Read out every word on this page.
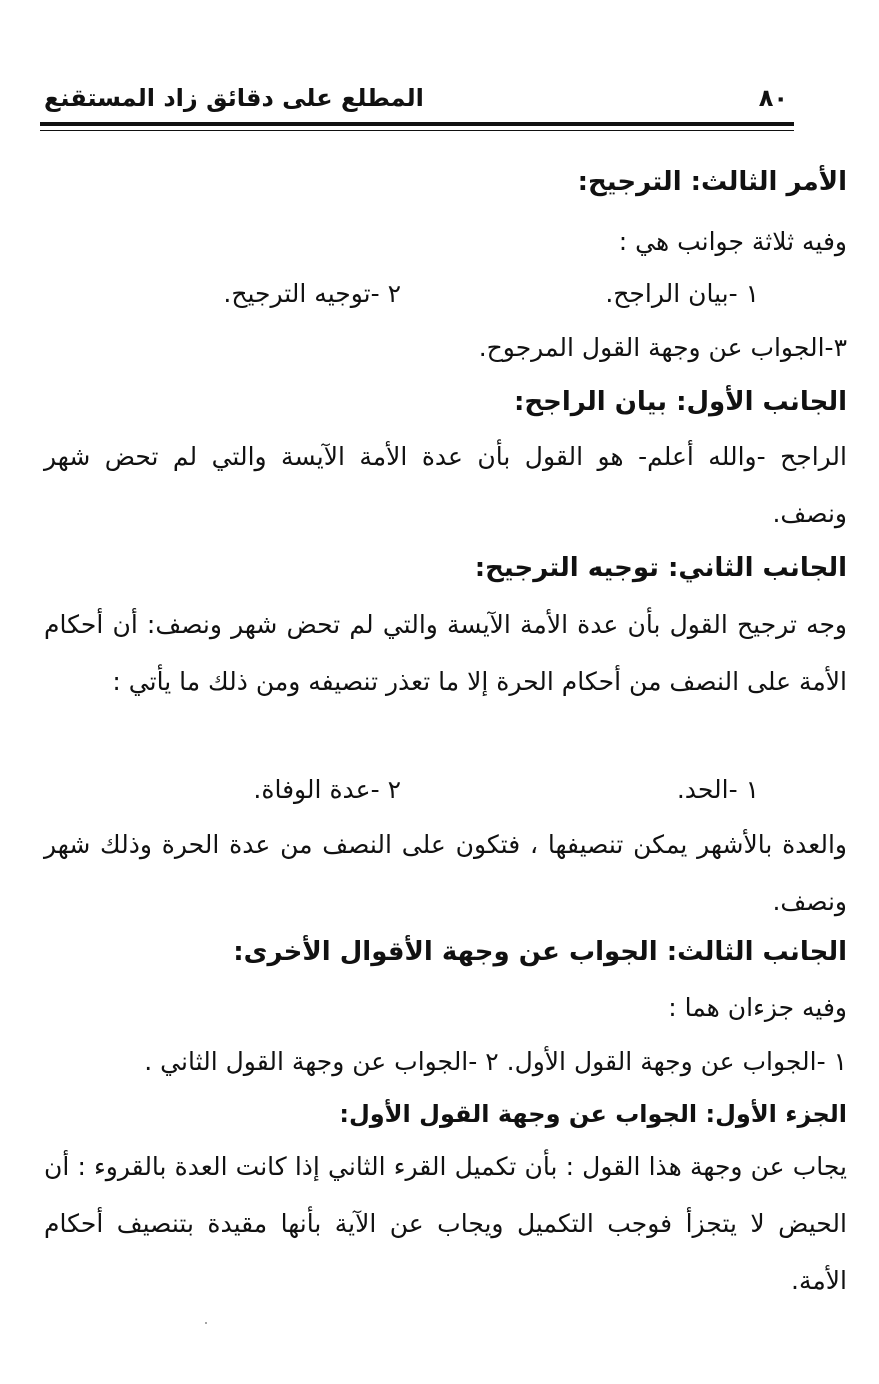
٨٠
المطلع على دقائق زاد المستقنع
الأمر الثالث: الترجيح:
وفيه ثلاثة جوانب هي :
١ -بيان الراجح.
٢ -توجيه الترجيح.
٣-الجواب عن وجهة القول المرجوح.
الجانب الأول: بيان الراجح:
الراجح -والله أعلم- هو القول بأن عدة الأمة الآيسة والتي لم تحض شهر ونصف.
الجانب الثاني: توجيه الترجيح:
وجه ترجيح القول بأن عدة الأمة الآيسة والتي لم تحض شهر ونصف: أن أحكام الأمة على النصف من أحكام الحرة إلا ما تعذر تنصيفه ومن ذلك ما يأتي :
١ -الحد.
٢ -عدة الوفاة.
والعدة بالأشهر يمكن تنصيفها ، فتكون على النصف من عدة الحرة وذلك شهر ونصف.
الجانب الثالث: الجواب عن وجهة الأقوال الأخرى:
وفيه جزءان هما :
١ -الجواب عن وجهة القول الأول. ٢ -الجواب عن وجهة القول الثاني .
الجزء الأول: الجواب عن وجهة القول الأول:
يجاب عن وجهة هذا القول : بأن تكميل القرء الثاني إذا كانت العدة بالقروء : أن الحيض لا يتجزأ فوجب التكميل ويجاب عن الآية بأنها مقيدة بتنصيف أحكام الأمة.
